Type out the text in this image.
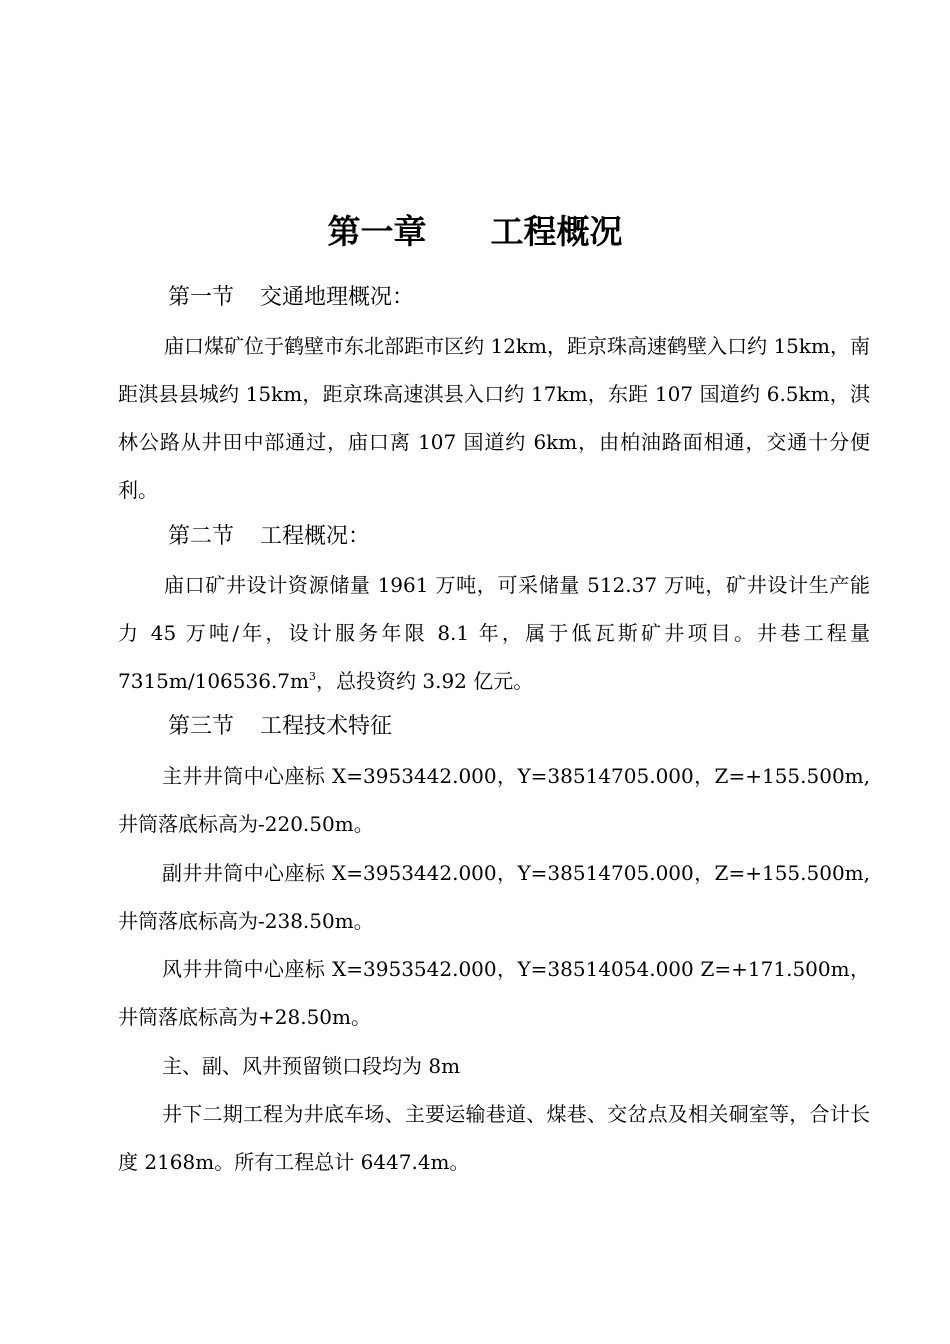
第一章 工程概况
第一节 交通地理概况：

庙口煤矿位于鹤壁市东北部距市区约 12km，距京珠高速鹤壁入口约 15km，南距淇县县城约 15km，距京珠高速淇县入口约 17km，东距 107 国道约 6.5km，淇林公路从井田中部通过，庙口离 107 国道约 6km，由柏油路面相通，交通十分便利。

第二节 工程概况：

庙口矿井设计资源储量 1961 万吨，可采储量 512.37 万吨，矿井设计生产能力 45 万吨/年，设计服务年限 8.1 年，属于低瓦斯矿井项目。井巷工程量 $7315m/106536.7m^3$，总投资约 3.92 亿元。

第三节 工程技术特征

主井井筒中心座标 X=3953442.000，Y=38514705.000，Z=+155.500m,井筒落底标高为-220.50m。

副井井筒中心座标 X=3953442.000，Y=38514705.000，Z=+155.500m,井筒落底标高为-238.50m。

风井井筒中心座标 X=3953542.000，Y=38514054.000 Z=+171.500m，井筒落底标高为+28.50m。

主、副、风井预留锁口段均为 8m

井下二期工程为井底车场、主要运输巷道、煤巷、交岔点及相关硐室等，合计长度 2168m。所有工程总计 6447.4m。
